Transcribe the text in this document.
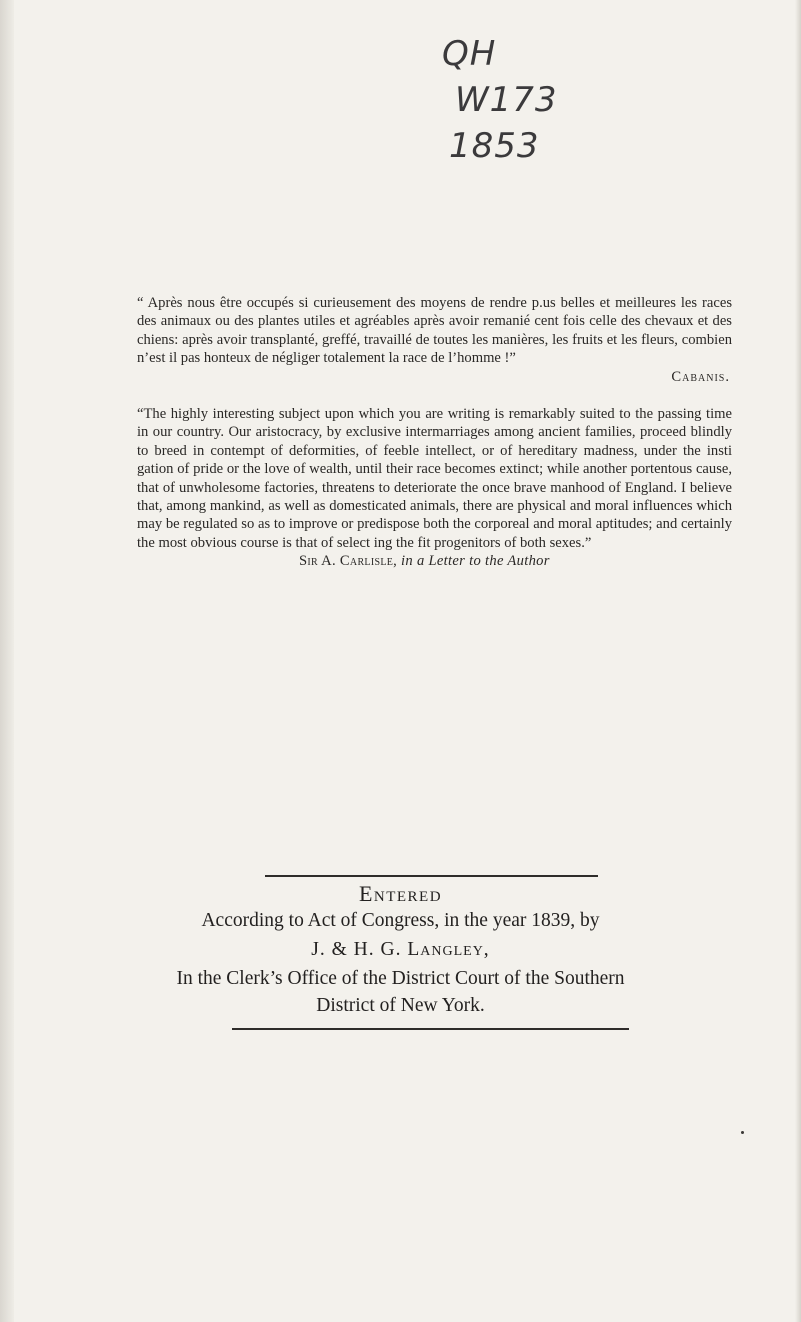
QH
W173
1853

“ Après nous être occupés si curieusement des moyens de rendre p.us belles et meilleures les races des animaux ou des plantes utiles et agréables après avoir remanié cent fois celle des chevaux et des chiens: après avoir transplanté, greffé, travaillé de toutes les manières, les fruits et les fleurs, combien n’est il pas honteux de négliger totalement la race de l’homme !”

Cabanis.

“The highly interesting subject upon which you are writing is remarkably suited to the passing time in our country. Our aristocracy, by exclusive intermarriages among ancient families, proceed blindly to breed in contempt of deformities, of feeble intellect, or of hereditary madness, under the insti gation of pride or the love of wealth, until their race becomes extinct; while another portentous cause, that of unwholesome factories, threatens to deteriorate the once brave manhood of England. I believe that, among mankind, as well as domesticated animals, there are physical and moral influences which may be regulated so as to improve or predispose both the corporeal and moral aptitudes; and certainly the most obvious course is that of select ing the fit progenitors of both sexes.”

Sir A. Carlisle, in a Letter to the Author

Entered
According to Act of Congress, in the year 1839, by
J. & H. G. Langley,
In the Clerk’s Office of the District Court of the Southern
District of New York.
